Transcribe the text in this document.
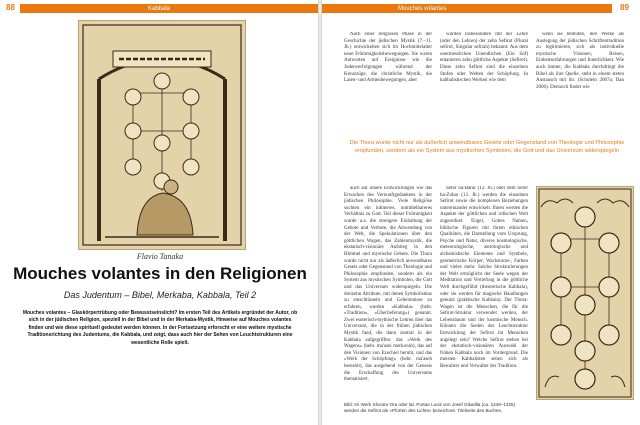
88	Kabbala
Flavio Tanaka
Mouches volantes in den Religionen
Das Judentum – Bibel, Merkaba, Kabbala, Teil 2
Mouches volantes – Glaskörpertrübung oder Bewusstseinslicht? Im ersten Teil des Artikels ergründet der Autor, ob sich in der jüdischen Religion, speziell in der Bibel und in der Merkaba-Mystik, Hinweise auf Mouches volantes finden und wie diese spirituell gedeutet werden können. In der Fortsetzung erforscht er eine weitere mystische Traditionsrichtung des Judentums, die Kabbala, und zeigt, dass auch hier der Sehen von Leuchtstrukturen eine wesentliche Rolle spielt.
Mouches volantes	89

Nach einer religiösen Phase in der Geschichte der jüdischen Mystik (7.–11. Jh.) entwickelten sich im Hochmittelalter neue Frömmigkeitsbewegungen. Sie waren Antworten auf Ereignisse wie die Judenverfolgungen während der Kreuzzüge, die christliche Mystik, die Laien- und Armenbewegungen, aber

wurden insbesondere mit der Lehre (oder den Lehren) der zehn Sefirot (Plural sefirot, Singular sefirah) bekannt: Aus dem unermesslichen Unendlichen (Ein Sof) emanieren zehn göttliche Aspekte (Sefirot). Diese zehn Sefirot sind die einzelnen Stufen oder Welten der Schöpfung. In kabbalistischen Werken wie dem

wenn sie bemühte, ihre Werke als Auslegung der jüdischen Schriftentradition zu legitimieren, sich als individuelle mystische Visionen, Reisen, Einheitserfahrungen und Innerlichkeit. Wie auch immer, die Kabbala durchdringt die Bibel als ihre Quelle, steht in einem steten Austausch mit ihr. (Scholem 2007a; Dan 2006). Dennoch findet wie

Die Thora wurde nicht nur als äußerlich anwendbares Gesetz oder Gegenstand von Theologie und Philosophie empfunden, sondern als ein System aus mystischen Symbolen, die Gott und das Universum widerspiegeln

auch auf innere Entwicklungen wie das Erwachen des Vernunftgedankens in der jüdischen Philosophie. Viele Religiöse suchten ein intimeres, unmittelbareres Verhältnis zu Gott. Teil dieser Frömmigkeit wurde u.a. die strengere Einhaltung der Gebote und Verbote, die Abwendung von der Welt, die Spekulationen über den göttlichen Wagen, das Zahlenmystik, die ekstatisch-visionäre Aufstieg in den Himmel und mystische Gebete. Die Thora wurde nicht nur als äußerlich anwendbares Gesetz oder Gegenstand von Theologie und Philosophie empfunden, sondern als ein System aus mystischen Symbolen, die Gott und das Universum widerspiegeln. Die dreizehn Attribute, mit denen Symbolismus zu entschlüsseln und Geheimnisse zu erfahren, wurden »Kabbala« (hebr. »Tradition«, »Überlieferung«) genannt. Zwei esoterisch-mythische Lehren über das Universum, die in der frühen jüdischen Mystik fand, die dann zentral in der Kabbala aufgegriffen: das »Werk des Wagens« (hebr. ma'asei merkavah), das auf den Visionen von Ezechiel beruht, und das »Werk der Schöpfung« (hebr. ma'aseh bereshit), das ausgehend von der Genesis die Erschaffung des Universums thematisiert.

Sefer ha-Bahir (12. Jh.) oder dem Sefer ha-Zohar (13. Jh.) werden die einzelnen Sefirot sowie die komplexen Beziehungen untereinander entwickelt. Ihnen werden die Aspekte der göttlichen und irdischen Welt zugeordnet: Engel, Gottes Namen, biblische Figuren mit ihrem ethischen Qualitäten, die Darstellung vom Ursprung, Psyche und Natur, diverse kosmologische, meteorologische, astrologische und alchemistische Elemente und Symbole, geometrische Körper, Wachstums-, Farben und vieles mehr. Solche Strukturierungen der Welt ermöglicht der Seele wegen der Meditation und Vertiefung in die göttliche Welt durchgeführt (theoretische Kabbala), oder sie werden für magische Handlungen genutzt (praktische Kabbala). Der Thora-Wagen ist die Menschen, die für die Sefirot-Struktur verwendet werden, der Lebensbaum und der kosmische Mensch. Können die Seelen der Leuchtstruktur Entwicklung der Sefirot im Menschen angelegt sein? Welche Sefirot stehen bei der ekstatisch-visionären Auswahl der frühen Kabbala noch im Vordergrund. Die meisten Kabbalisten sehen sich als Bewahrer und Verwalter der Tradition.

Bild: Im Werk Sha'are Ora oder lat. Portae Lucis von Josef Gikatilla (ca. 1248–1325) werden die Sefirot als »Pforten des Lichts« bezeichnet. Titelseite des Buches.
